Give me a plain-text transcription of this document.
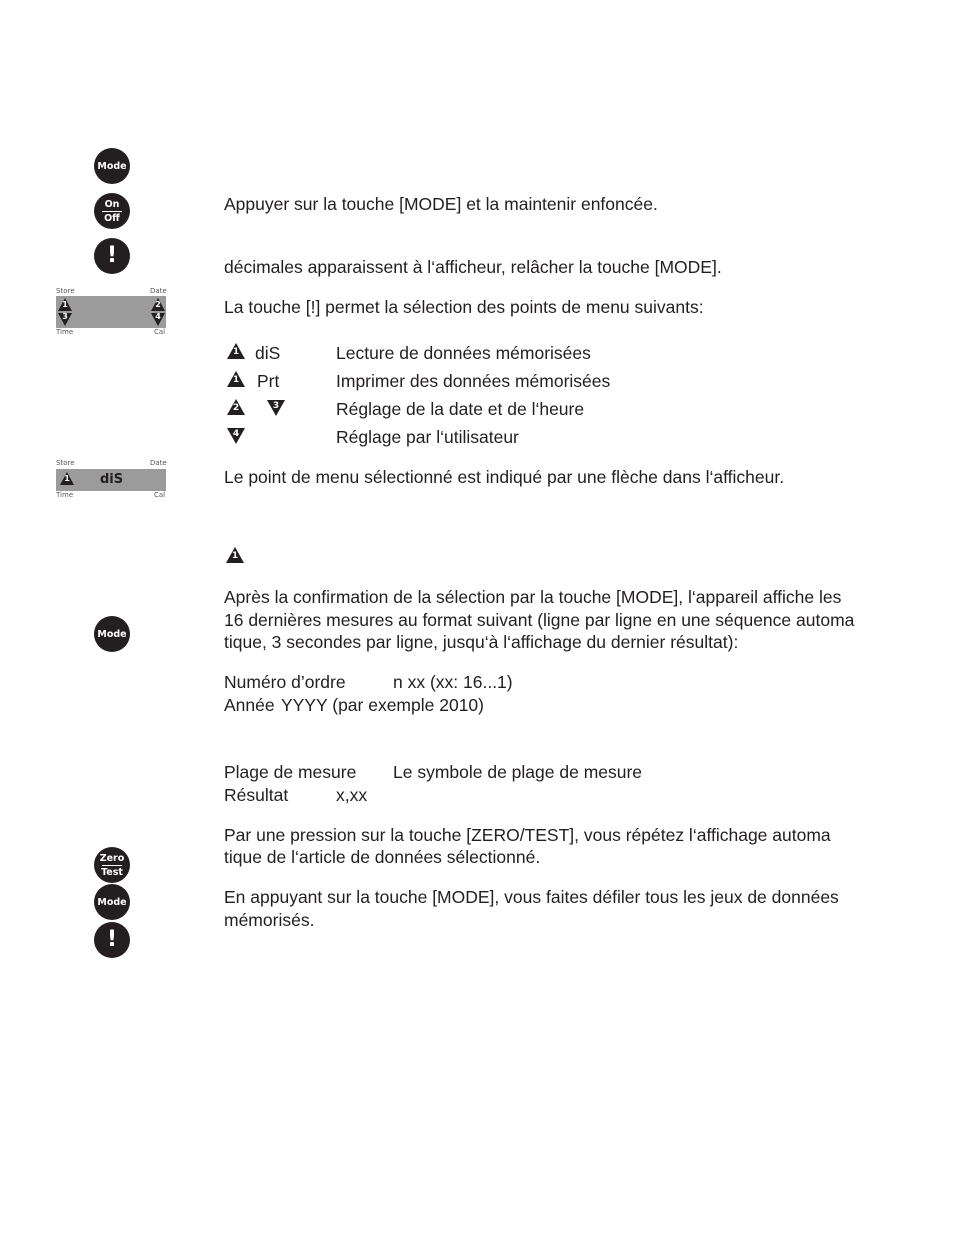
Mode
On
Off
!
Store	Date
1
3
2
4
Time	Cal
Store	Date
1	diS
Time	Cal
Mode
Zero
Test
Mode
!
Appuyer sur la touche [MODE] et la maintenir enfoncée.
décimales apparaissent à l‘afficheur, relâcher la touche [MODE].
La touche [!] permet la sélection des points de menu suivants:
1 diS	Lecture de données mémorisées
1	Prt	Imprimer des données mémorisées
2	3	Réglage de la date et de l‘heure
4	Réglage par l‘utilisateur
Le point de menu sélectionné est indiqué par une flèche dans l‘afficheur.
1
Après la confirmation de la sélection par la touche [MODE], l‘appareil affiche les
16 dernières mesures au format suivant (ligne par ligne en une séquence automa
tique, 3 secondes par ligne, jusqu‘à l‘affichage du dernier résultat):
Numéro d’ordre	n xx (xx: 16...1)
Année YYYY (par exemple 2010)
Plage de mesure Le symbole de plage de mesure
Résultat	x,xx
Par une pression sur la touche [ZERO/TEST], vous répétez l‘affichage automa
tique de l‘article de données sélectionné.
En appuyant sur la touche [MODE], vous faites défiler tous les jeux de données
mémorisés.
